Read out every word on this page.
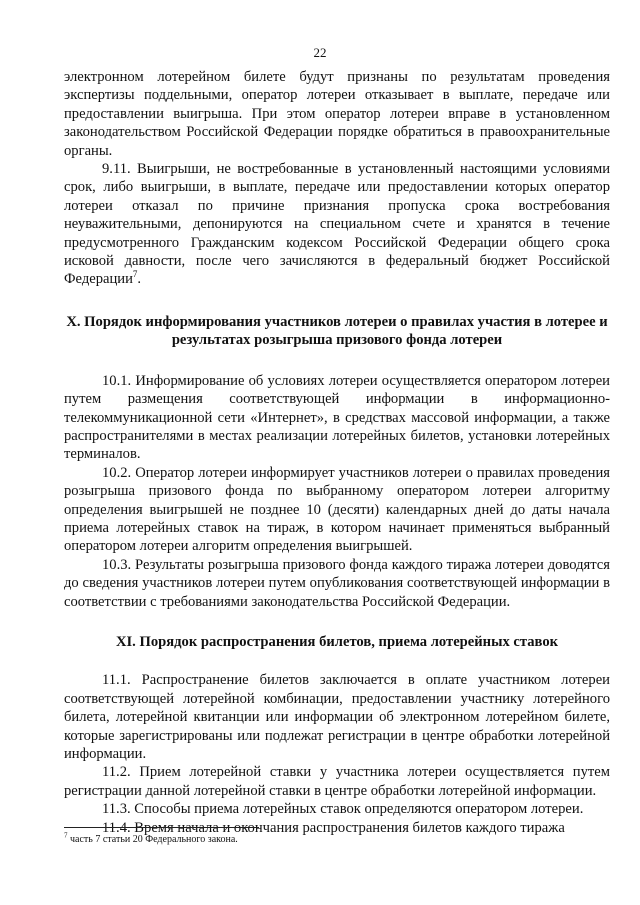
22

электронном лотерейном билете будут признаны по результатам проведения экспертизы поддельными, оператор лотереи отказывает в выплате, передаче или предоставлении выигрыша. При этом оператор лотереи вправе в установленном законодательством Российской Федерации порядке обратиться в правоохранительные органы.

9.11. Выигрыши, не востребованные в установленный настоящими условиями срок, либо выигрыши, в выплате, передаче или предоставлении которых оператор лотереи отказал по причине признания пропуска срока востребования неуважительными, депонируются на специальном счете и хранятся в течение предусмотренного Гражданским кодексом Российской Федерации общего срока исковой давности, после чего зачисляются в федеральный бюджет Российской Федерации$^7$.

X. Порядок информирования участников лотереи о правилах участия в лотерее и результатах розыгрыша призового фонда лотереи

10.1. Информирование об условиях лотереи осуществляется оператором лотереи путем размещения соответствующей информации в информационно-телекоммуникационной сети «Интернет», в средствах массовой информации, а также распространителями в местах реализации лотерейных билетов, установки лотерейных терминалов.

10.2. Оператор лотереи информирует участников лотереи о правилах проведения розыгрыша призового фонда по выбранному оператором лотереи алгоритму определения выигрышей не позднее 10 (десяти) календарных дней до даты начала приема лотерейных ставок на тираж, в котором начинает применяться выбранный оператором лотереи алгоритм определения выигрышей.

10.3. Результаты розыгрыша призового фонда каждого тиража лотереи доводятся до сведения участников лотереи путем опубликования соответствующей информации в соответствии с требованиями законодательства Российской Федерации.

XI. Порядок распространения билетов, приема лотерейных ставок

11.1. Распространение билетов заключается в оплате участником лотереи соответствующей лотерейной комбинации, предоставлении участнику лотерейного билета, лотерейной квитанции или информации об электронном лотерейном билете, которые зарегистрированы или подлежат регистрации в центре обработки лотерейной информации.

11.2. Прием лотерейной ставки у участника лотереи осуществляется путем регистрации данной лотерейной ставки в центре обработки лотерейной информации.

11.3. Способы приема лотерейных ставок определяются оператором лотереи.

11.4. Время начала и окончания распространения билетов каждого тиража

$^7$ часть 7 статьи 20 Федерального закона.
